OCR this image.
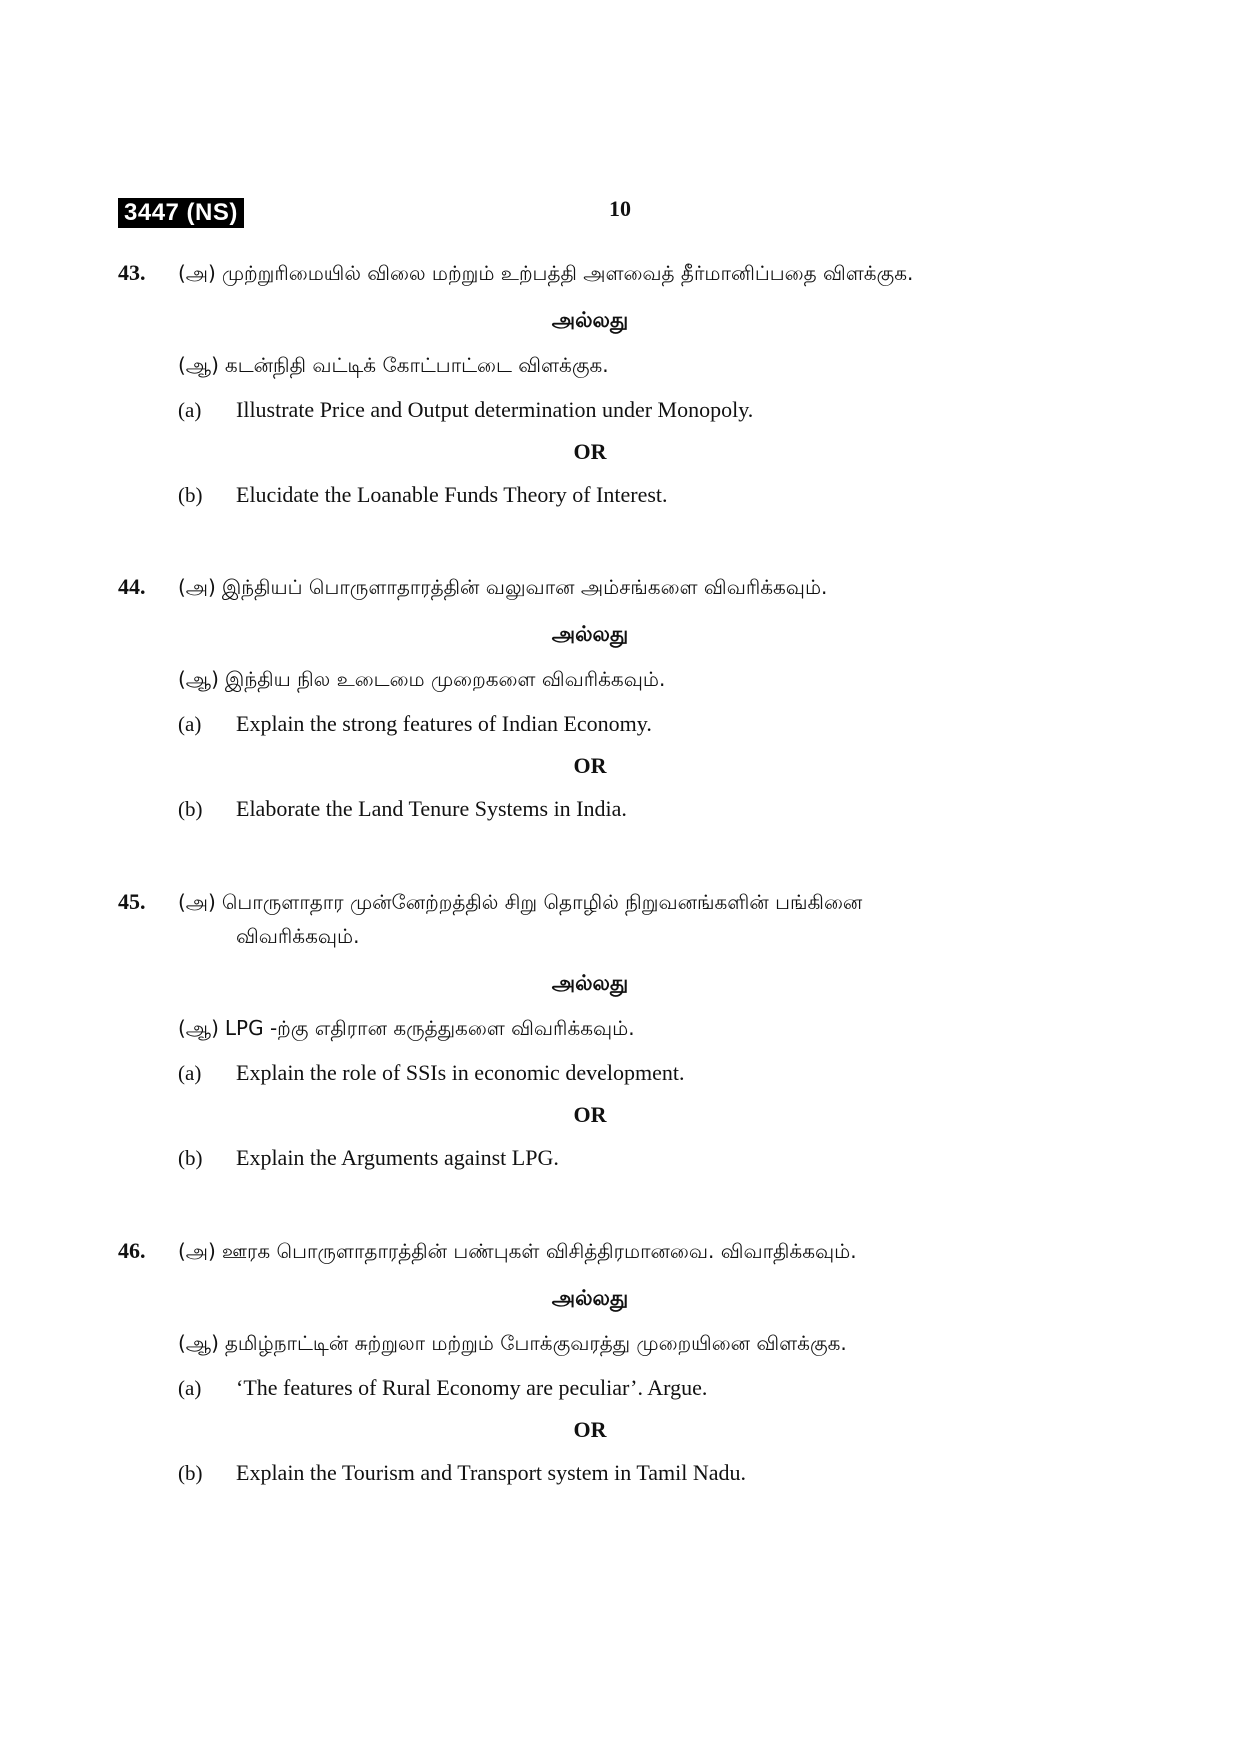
3447 (NS)	10
43. (அ) முற்றுரிமையில் விலை மற்றும் உற்பத்தி அளவைத் தீர்மானிப்பதை விளக்குக.
அல்லது
(ஆ) கடன்நிதி வட்டிக் கோட்பாட்டை விளக்குக.
(a) Illustrate Price and Output determination under Monopoly.
OR
(b) Elucidate the Loanable Funds Theory of Interest.
44. (அ) இந்தியப் பொருளாதாரத்தின் வலுவான அம்சங்களை விவரிக்கவும்.
அல்லது
(ஆ) இந்திய நில உடைமை முறைகளை விவரிக்கவும்.
(a) Explain the strong features of Indian Economy.
OR
(b) Elaborate the Land Tenure Systems in India.
45. (அ) பொருளாதார முன்னேற்றத்தில் சிறு தொழில் நிறுவனங்களின் பங்கினை
விவரிக்கவும்.
அல்லது
(ஆ) LPG -ற்கு எதிரான கருத்துகளை விவரிக்கவும்.
(a) Explain the role of SSIs in economic development.
OR
(b) Explain the Arguments against LPG.
46. (அ) ஊரக பொருளாதாரத்தின் பண்புகள் விசித்திரமானவை. விவாதிக்கவும்.
அல்லது
(ஆ) தமிழ்நாட்டின் சுற்றுலா மற்றும் போக்குவரத்து முறையினை விளக்குக.
(a) ‘The features of Rural Economy are peculiar’. Argue.
OR
(b) Explain the Tourism and Transport system in Tamil Nadu.
